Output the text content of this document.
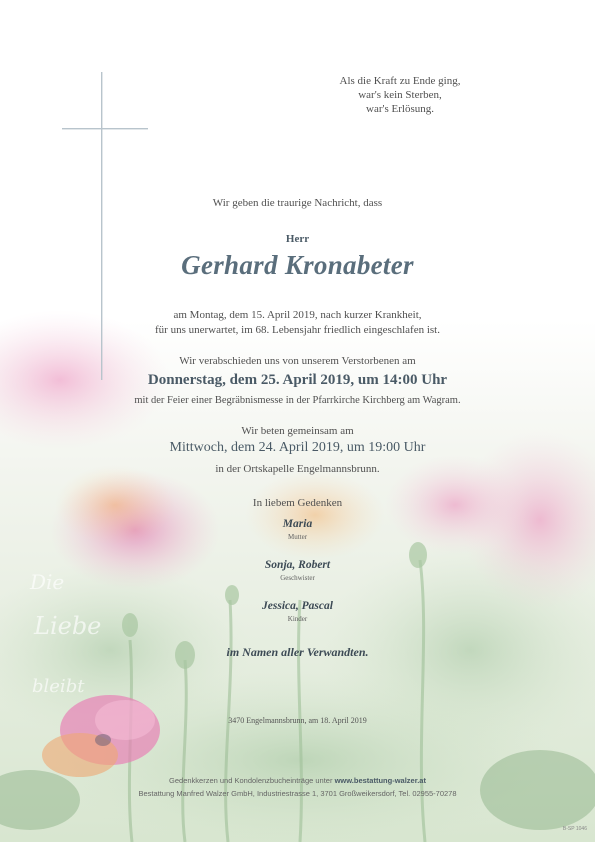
Die
Liebe
bleibt
Als die Kraft zu Ende ging,
war's kein Sterben,
war's Erlösung.
Wir geben die traurige Nachricht, dass
Herr
Gerhard Kronabeter
am Montag, dem 15. April 2019, nach kurzer Krankheit,
für uns unerwartet, im 68. Lebensjahr friedlich eingeschlafen ist.
Wir verabschieden uns von unserem Verstorbenen am
Donnerstag, dem 25. April 2019, um 14:00 Uhr
mit der Feier einer Begräbnismesse in der Pfarrkirche Kirchberg am Wagram.
Wir beten gemeinsam am
Mittwoch, dem 24. April 2019, um 19:00 Uhr
in der Ortskapelle Engelmannsbrunn.
In liebem Gedenken
Maria
Mutter
Sonja, Robert
Geschwister
Jessica, Pascal
Kinder
im Namen aller Verwandten.
3470 Engelmannsbrunn, am 18. April 2019
Gedenkkerzen und Kondolenzbucheinträge unter www.bestattung-walzer.at
Bestattung Manfred Walzer GmbH, Industriestrasse 1, 3701 Großweikersdorf, Tel. 02955-70278
B-SP 1046
